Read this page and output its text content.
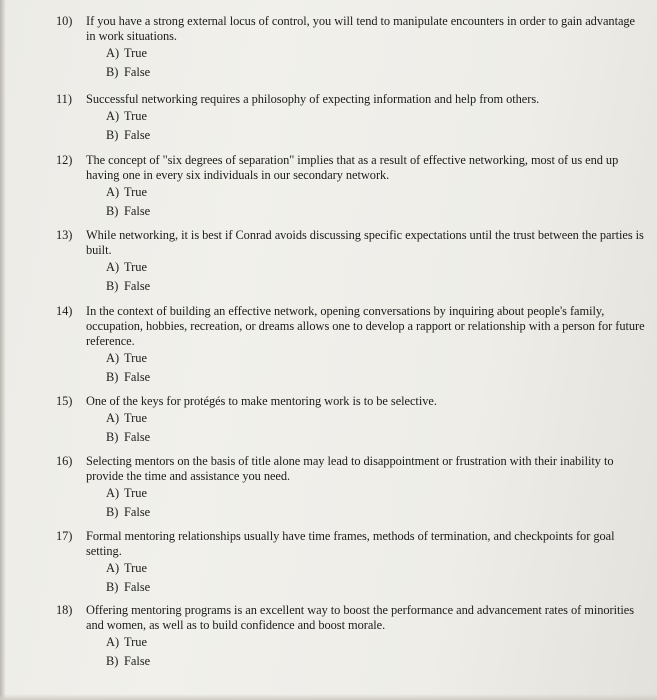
10)	If you have a strong external locus of control, you will tend to manipulate encounters in order to gain advantage in work situations.
A) True
B) False
11)	Successful networking requires a philosophy of expecting information and help from others.
A) True
B) False
12)	The concept of "six degrees of separation" implies that as a result of effective networking, most of us end up having one in every six individuals in our secondary network.
A) True
B) False
13)	While networking, it is best if Conrad avoids discussing specific expectations until the trust between the parties is built.
A) True
B) False
14)	In the context of building an effective network, opening conversations by inquiring about people's family, occupation, hobbies, recreation, or dreams allows one to develop a rapport or relationship with a person for future reference.
A) True
B) False
15)	One of the keys for protégés to make mentoring work is to be selective.
A) True
B) False
16)	Selecting mentors on the basis of title alone may lead to disappointment or frustration with their inability to provide the time and assistance you need.
A) True
B) False
17)	Formal mentoring relationships usually have time frames, methods of termination, and checkpoints for goal setting.
A) True
B) False
18)	Offering mentoring programs is an excellent way to boost the performance and advancement rates of minorities and women, as well as to build confidence and boost morale.
A) True
B) False
